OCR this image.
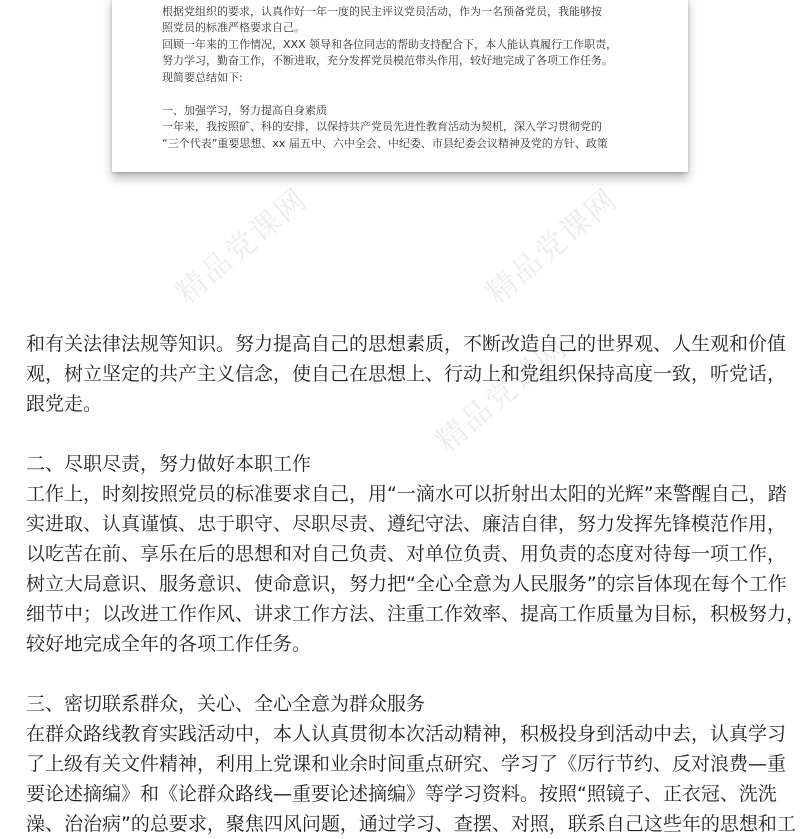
根据党组织的要求，认真作好一年一度的民主评议党员活动，作为一名预备党员，我能够按
照党员的标准严格要求自己。
回顾一年来的工作情况，XXX 领导和各位同志的帮助支持配合下，本人能认真履行工作职责，
努力学习，勤奋工作，不断进取，充分发挥党员模范带头作用，较好地完成了各项工作任务。
现简要总结如下:
一、加强学习，努力提高自身素质
一年来，我按照矿、科的安排，以保持共产党员先进性教育活动为契机，深入学习贯彻党的
“三个代表”重要思想、xx 届五中、六中全会、中纪委、市县纪委会议精神及党的方针、政策
精品党课网	精品党课网
精品党课网
和有关法律法规等知识。努力提高自己的思想素质，不断改造自己的世界观、人生观和价值
观，树立坚定的共产主义信念，使自己在思想上、行动上和党组织保持高度一致，听党话，
跟党走。
二、尽职尽责，努力做好本职工作
工作上，时刻按照党员的标准要求自己，用“一滴水可以折射出太阳的光辉”来警醒自己，踏
实进取、认真谨慎、忠于职守、尽职尽责、遵纪守法、廉洁自律，努力发挥先锋模范作用，
以吃苦在前、享乐在后的思想和对自己负责、对单位负责、用负责的态度对待每一项工作，
树立大局意识、服务意识、使命意识，努力把“全心全意为人民服务”的宗旨体现在每个工作
细节中；以改进工作作风、讲求工作方法、注重工作效率、提高工作质量为目标，积极努力，
较好地完成全年的各项工作任务。
三、密切联系群众，关心、全心全意为群众服务
在群众路线教育实践活动中，本人认真贯彻本次活动精神，积极投身到活动中去，认真学习
了上级有关文件精神，利用上党课和业余时间重点研究、学习了《厉行节约、反对浪费—重
要论述摘编》和《论群众路线—重要论述摘编》等学习资料。按照“照镜子、正衣冠、洗洗
澡、治治病”的总要求，聚焦四风问题，通过学习、查摆、对照，联系自己这些年的思想和工
